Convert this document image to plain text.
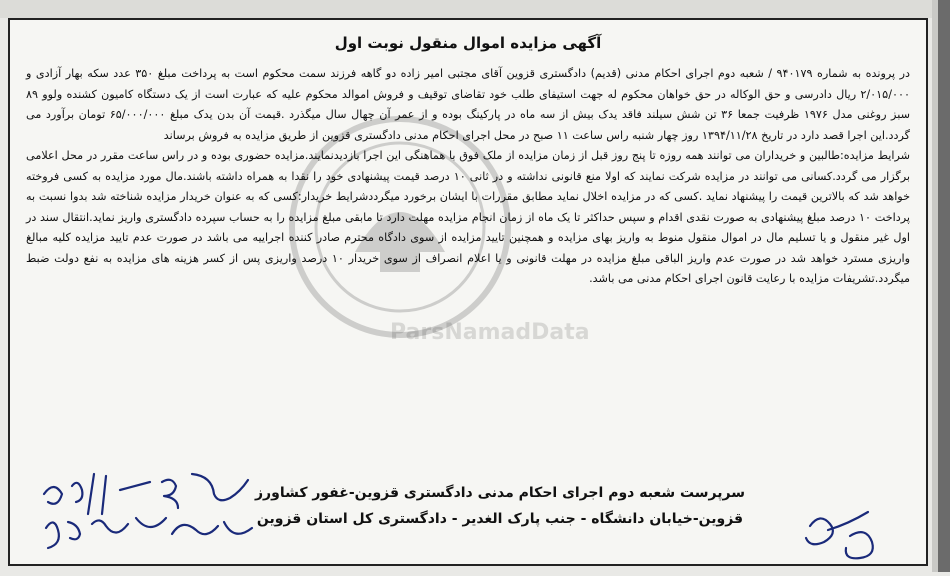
ParsNamadData
آگهی مزایده اموال منقول نوبت اول

در پرونده به شماره ۹۴۰۱۷۹ / شعبه دوم اجرای احکام مدنی (قدیم) دادگستری قزوین آقای مجتبی امیر زاده دو گاهه فرزند سمت محکوم است به پرداخت مبلغ ۳۵۰ عدد سکه بهار آزادی و ۲/۰۱۵/۰۰۰ ریال دادرسی و حق الوکاله در حق خواهان محکوم له جهت استیفای طلب خود تقاضای توقیف و فروش اموالد محکوم علیه که عبارت است از یک دستگاه کامیون کشنده ولوو ۸۹ سبز روغنی مدل ۱۹۷۶ ظرفیت جمعا ۳۶ تن شش سیلند فاقد یدک بیش از سه ماه در پارکینگ بوده و از عمر آن چهال سال میگذرد .قیمت آن بدن یدک مبلغ ۶۵/۰۰۰/۰۰۰ تومان برآورد می گردد.این اجرا قصد دارد در تاریخ ۱۳۹۴/۱۱/۲۸ روز چهار شنبه راس ساعت ۱۱ صبح در محل اجرای احکام مدنی دادگستری قزوین از طریق مزایده به فروش برساند

شرایط مزایده:طالبین و خریداران می توانند همه روزه تا پنج روز قبل از زمان مزایده از ملک فوق با هماهنگی این اجرا بازدیدنمایند.مزایده حضوری بوده و در راس ساعت مقرر در محل اعلامی برگزار می گردد.کسانی می توانند در مزایده شرکت نمایند که اولا منع قانونی نداشته و در ثانی ۱۰ درصد قیمت پیشنهادی خود را نقدا به همراه داشته باشند.مال مورد مزایده به کسی فروخته خواهد شد که بالاترین قیمت را پیشنهاد نماید .کسی که در مزایده اخلال نماید مطابق مقررات با ایشان برخورد میگرددشرایط خریدار:کسی که به عنوان خریدار مزایده شناخته شد بدوا نسبت به پرداخت ۱۰ درصد مبلغ پیشنهادی به صورت نقدی اقدام و سپس حداکثر تا یک ماه از زمان انجام مزایده مهلت دارد تا مابقی مبلغ مزایده را به حساب سپرده دادگستری واریز نماید.انتقال سند در اول غیر منقول و یا تسلیم مال در اموال منقول منوط به واریز بهای مزایده و همچنین تایید مزایده از سوی دادگاه محترم صادر کننده اجراییه می باشد در صورت عدم تایید مزایده کلیه مبالغ واریزی مسترد خواهد شد در صورت عدم واریز الباقی مبلغ مزایده در مهلت قانونی و یا اعلام انصراف از سوی خریدار ۱۰ درصد واریزی پس از کسر هزینه های مزایده به نفع دولت ضبط میگردد.تشریفات مزایده با رعایت قانون اجرای احکام مدنی می باشد.

سرپرست شعبه دوم اجرای احکام مدنی دادگستری قزوین-غفور کشاورز
قزوین-خیابان دانشگاه - جنب پارک الغدیر - دادگستری کل استان قزوین
